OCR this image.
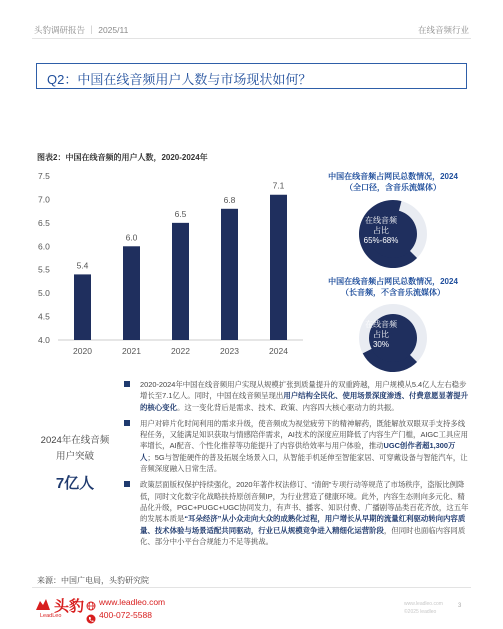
头豹调研报告 ｜ 2025/11	在线音频行业
Q2：中国在线音频用户人数与市场现状如何？
图表2：中国在线音频的用户人数，2020-2024年
4.0
4.5
5.0
5.5
6.0
6.5
7.0
7.5
5.4
2020
6.0
2021
6.5
2022
6.8
2023
7.1
2024
中国在线音频占网民总数情况，2024
（全口径，含音乐流媒体）
在线音频
占比
65%-68%
中国在线音频占网民总数情况，2024
（长音频，不含音乐流媒体）
在线音频
占比
30%
2024年在线音频
用户突破
7亿人
2020-2024年中国在线音频用户实现从规模扩张到质量提升的双重跨越，用户规模从5.4亿人左右稳步增长至7.1亿人。同时，中国在线音频呈现出用户结构全民化、使用场景深度渗透、付费意愿显著提升的核心变化。这一变化背后是需求、技术、政策、内容四大核心驱动力的共振。
用户对碎片化时间利用的需求升级，使音频成为视觉疲劳下的精神解药，既能解放双眼双手支持多线程任务，又能满足知识获取与情感陪伴需求，AI技术的深度应用降低了内容生产门槛，AIGC工具应用率增长，AI配音、个性化推荐等功能提升了内容供给效率与用户体验，推动UGC创作者超1,300万人；5G与智能硬件的普及拓展全场景入口，从智能手机延伸至智能家居、可穿戴设备与智能汽车，让音频深度融入日常生活。
政策层面版权保护持续强化，2020年著作权法修订、“清朗”专项行动等规范了市场秩序，盗版比例降低，同时文化数字化战略扶持原创音频IP，为行业营造了健康环境。此外，内容生态则向多元化、精品化升级，PGC+PUGC+UGC协同发力，有声书、播客、知识付费、广播剧等品类百花齐放，这五年的发展本质是“耳朵经济”从小众走向大众的成熟化过程，用户增长从早期的流量红利驱动转向内容质量、技术体验与场景适配共同驱动，行业已从规模竞争进入精细化运营阶段，但同时也面临内容同质化、部分中小平台合规能力不足等挑战。
来源：中国广电局，头豹研究院
头豹
LeadLeo
www.leadleo.com
400-072-5588
www.leadleo.com
©2025 leadleo
3
